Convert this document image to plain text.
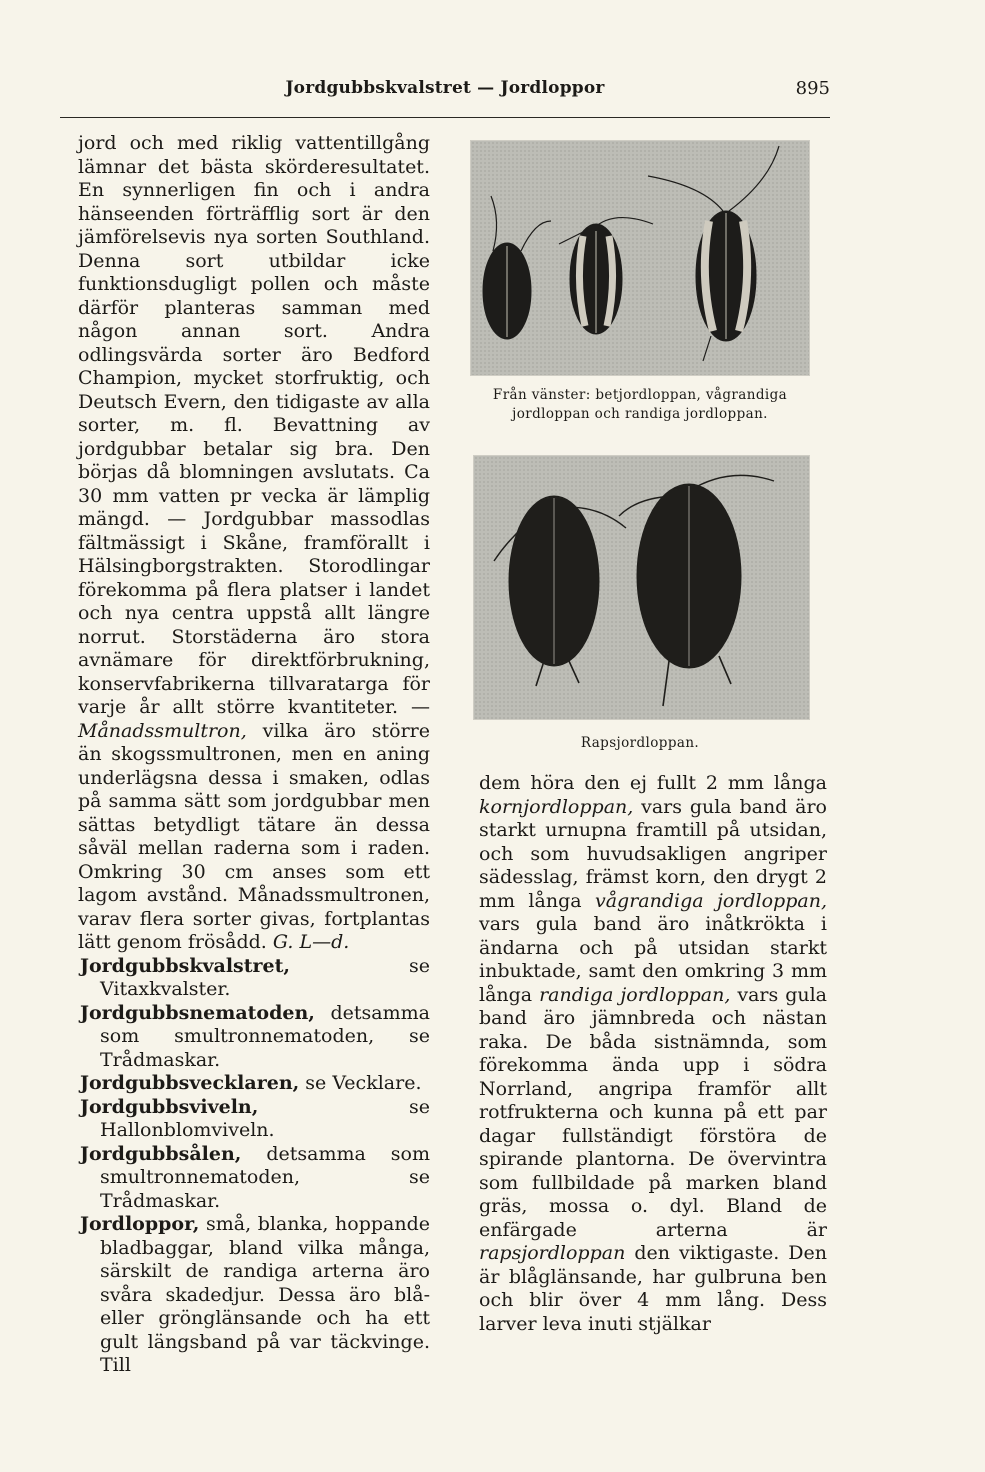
Jordgubbskvalstret — Jordloppor	895

jord och med riklig vattentillgång lämnar det bästa skörderesultatet. En synnerligen fin och i andra hänseenden förträfflig sort är den jämförelsevis nya sorten Southland. Denna sort utbildar icke funktionsdugligt pollen och måste därför planteras samman med någon annan sort. Andra odlingsvärda sorter äro Bedford Champion, mycket storfruktig, och Deutsch Evern, den tidigaste av alla sorter, m. fl. Bevattning av jordgubbar betalar sig bra. Den börjas då blomningen avslutats. Ca 30 mm vatten pr vecka är lämplig mängd. — Jordgubbar massodlas fältmässigt i Skåne, framförallt i Hälsingborgstrakten. Storodlingar förekomma på flera platser i landet och nya centra uppstå allt längre norrut. Storstäderna äro stora avnämare för direktförbrukning, konservfabrikerna tillvaratarga för varje år allt större kvantiteter. — Månadssmultron, vilka äro större än skogssmultronen, men en aning underlägsna dessa i smaken, odlas på samma sätt som jordgubbar men sättas betydligt tätare än dessa såväl mellan raderna som i raden. Omkring 30 cm anses som ett lagom avstånd. Månadssmultronen, varav flera sorter givas, fortplantas lätt genom frösådd. G. L—d.

Jordgubbskvalstret,	se Vitaxkvalster.

Jordgubbsnematoden, detsamma som smultronnematoden, se Trådmaskar.

Jordgubbsvecklaren, se Vecklare.

Jordgubbsviveln,	se Hallonblomviveln.

Jordgubbsålen, detsamma som smultronnematoden, se Trådmaskar.

Jordloppor, små, blanka, hoppande bladbaggar, bland vilka många, särskilt de randiga arterna äro svåra skadedjur. Dessa äro blå- eller grönglänsande och ha ett gult längsband på var täckvinge. Till

Från vänster: betjordloppan, vågrandiga jordloppan och randiga jordloppan.
Rapsjordloppan.

dem höra den ej fullt 2 mm långa kornjordloppan, vars gula band äro starkt urnupna framtill på utsidan, och som huvudsakligen angriper sädesslag, främst korn, den drygt 2 mm långa vågrandiga jordloppan, vars gula band äro inåtkrökta i ändarna och på utsidan starkt inbuktade, samt den omkring 3 mm långa randiga jordloppan, vars gula band äro jämnbreda och nästan raka. De båda sistnämnda, som förekomma ända upp i södra Norrland, angripa framför allt rotfrukterna och kunna på ett par dagar fullständigt förstöra de spirande plantorna. De övervintra som fullbildade på marken bland gräs, mossa o. dyl. Bland de enfärgade arterna är rapsjordloppan den viktigaste. Den är blåglänsande, har gulbruna ben och blir över 4 mm lång. Dess larver leva inuti stjälkar
